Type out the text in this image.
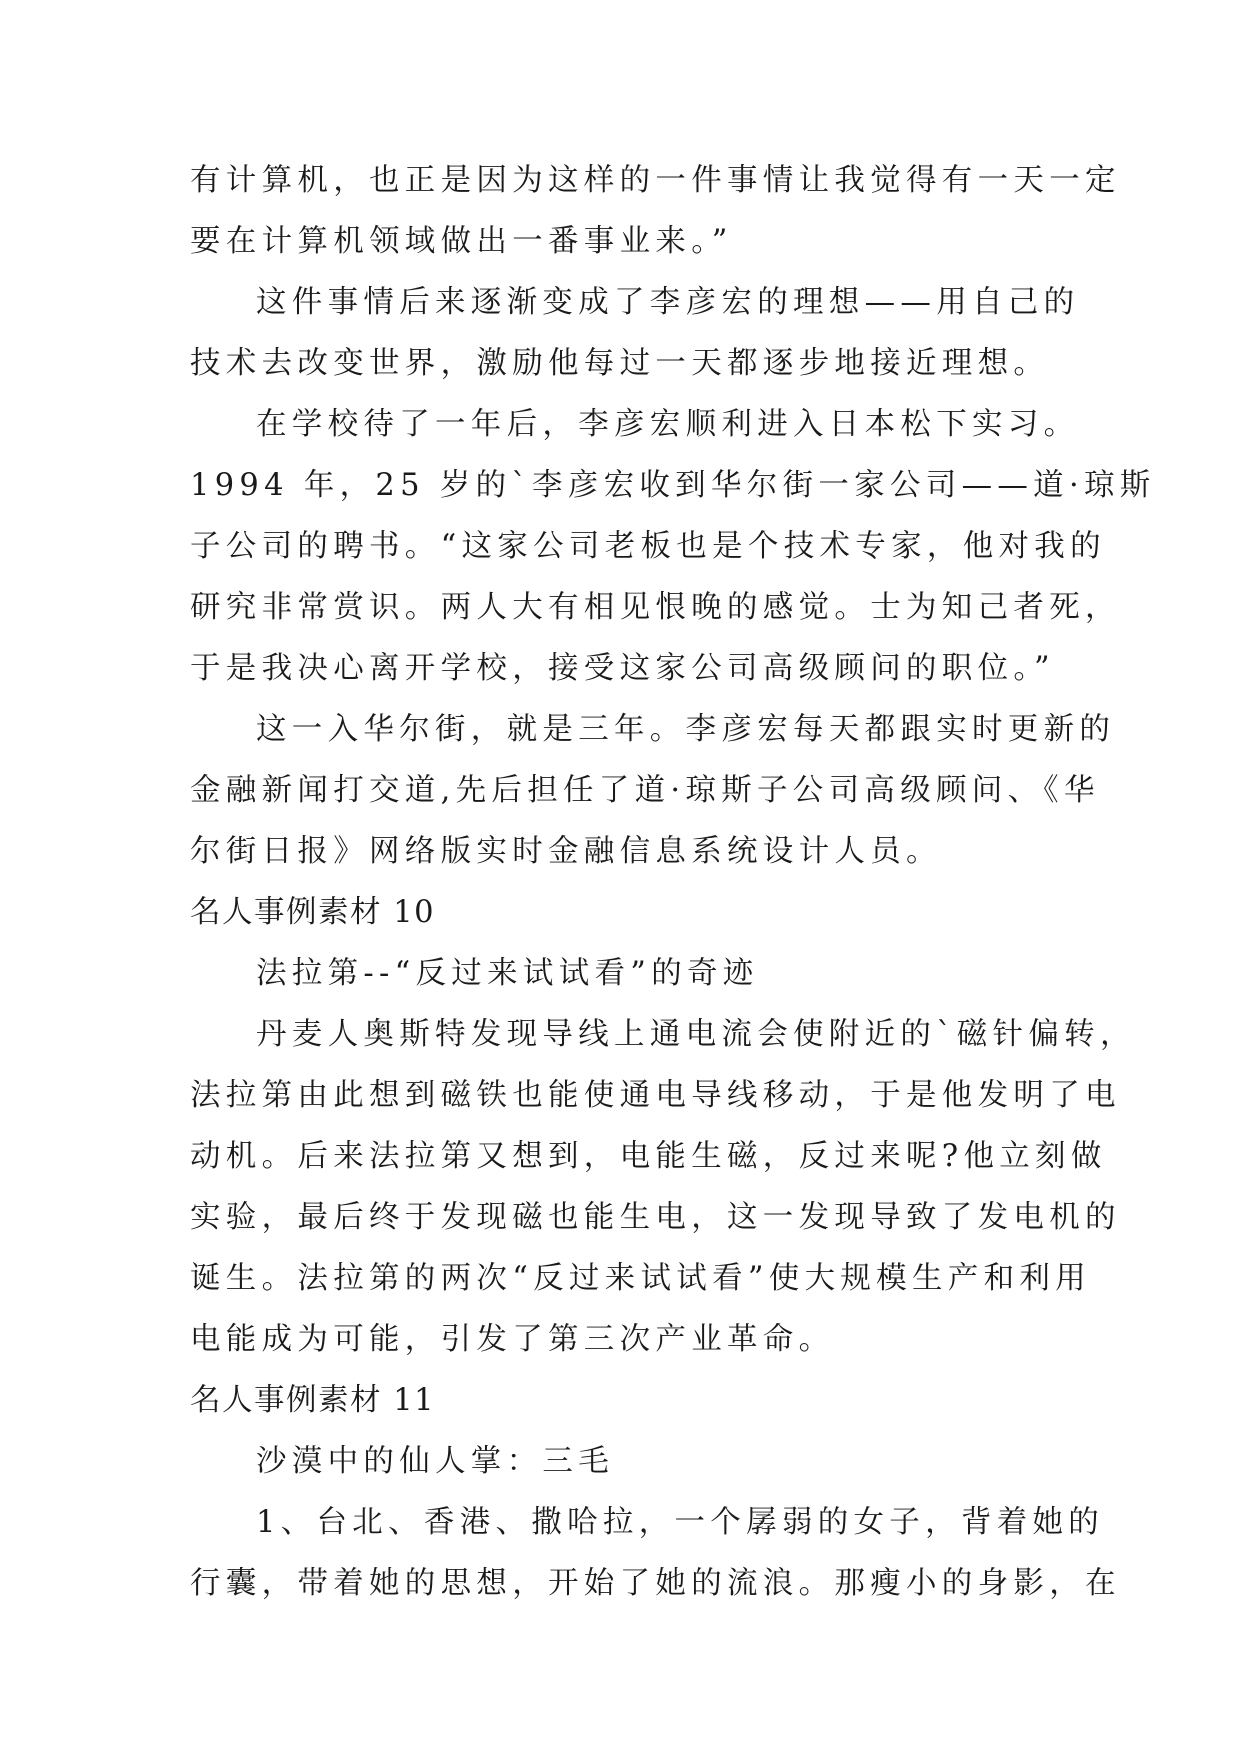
有计算机，也正是因为这样的一件事情让我觉得有一天一定
要在计算机领域做出一番事业来。”
这件事情后来逐渐变成了李彦宏的理想——用自己的
技术去改变世界，激励他每过一天都逐步地接近理想。
在学校待了一年后，李彦宏顺利进入日本松下实习。
1994 年，25 岁的`李彦宏收到华尔街一家公司——道·琼斯
子公司的聘书。“这家公司老板也是个技术专家，他对我的
研究非常赏识。两人大有相见恨晚的感觉。士为知己者死，
于是我决心离开学校，接受这家公司高级顾问的职位。”
这一入华尔街，就是三年。李彦宏每天都跟实时更新的
金融新闻打交道,先后担任了道·琼斯子公司高级顾问、《华
尔街日报》网络版实时金融信息系统设计人员。
名人事例素材 10
法拉第--“反过来试试看”的奇迹
丹麦人奥斯特发现导线上通电流会使附近的`磁针偏转，
法拉第由此想到磁铁也能使通电导线移动，于是他发明了电
动机。后来法拉第又想到，电能生磁，反过来呢?他立刻做
实验，最后终于发现磁也能生电，这一发现导致了发电机的
诞生。法拉第的两次“反过来试试看”使大规模生产和利用
电能成为可能，引发了第三次产业革命。
名人事例素材 11
沙漠中的仙人掌：三毛
1、台北、香港、撒哈拉，一个孱弱的女子，背着她的
行囊，带着她的思想，开始了她的流浪。那瘦小的身影，在
